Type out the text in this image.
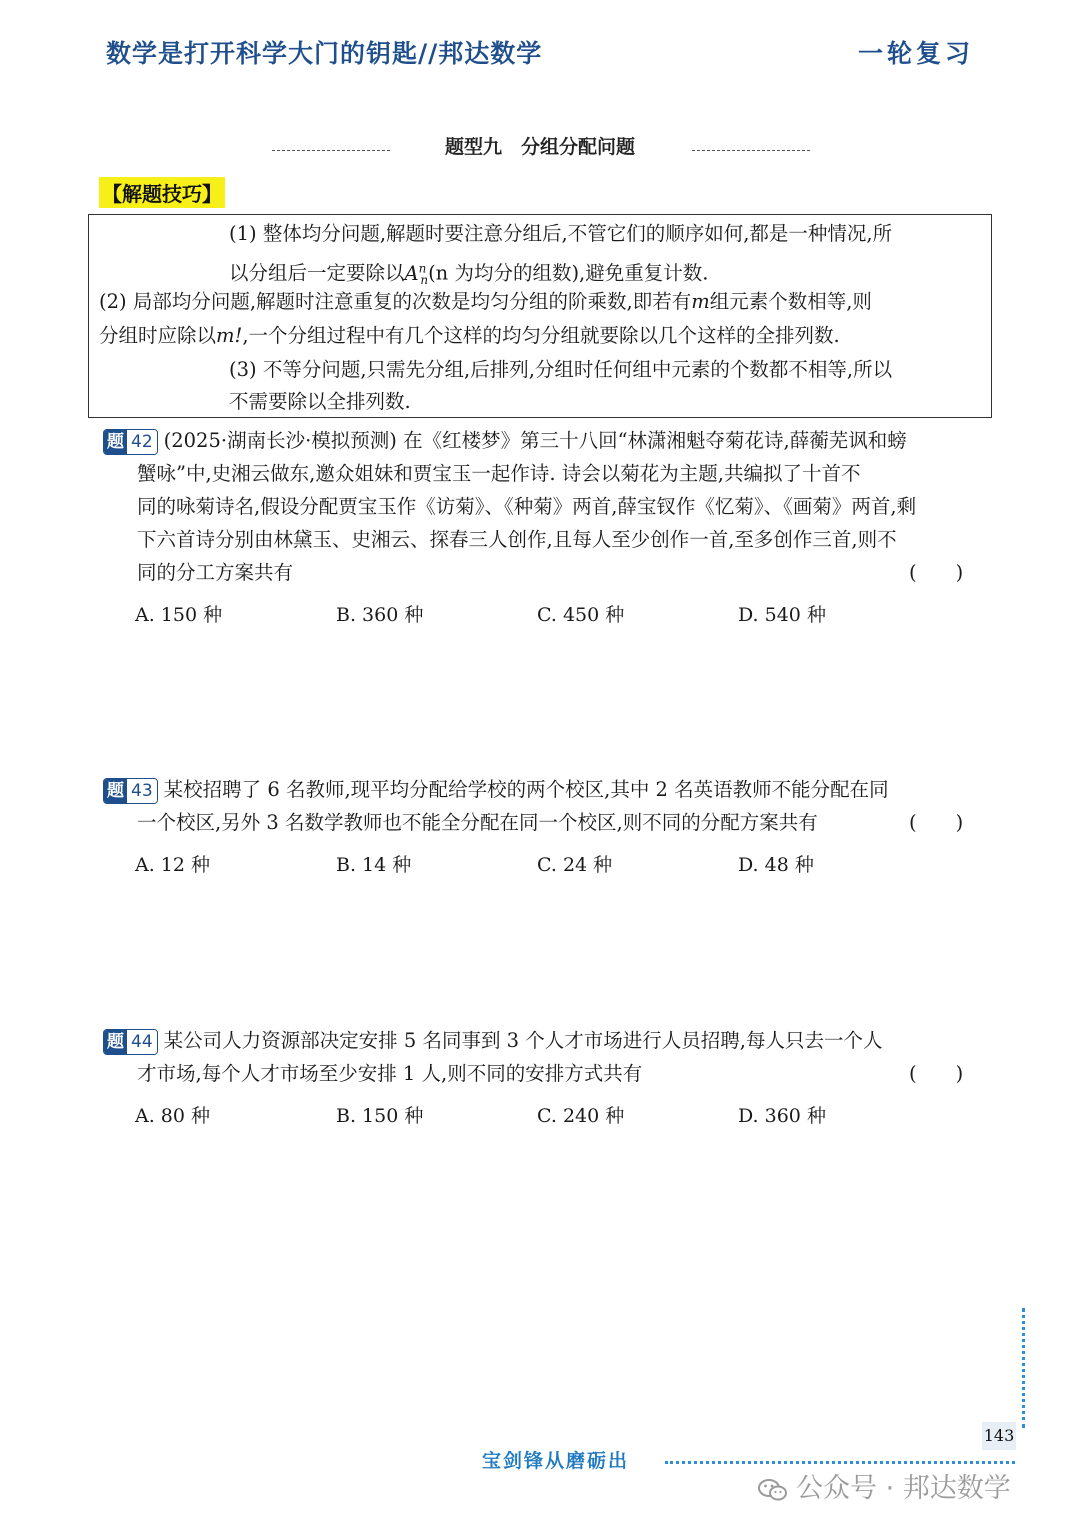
数学是打开科学大门的钥匙//邦达数学	一轮复习
题型九　分组分配问题
【解题技巧】
(1) 整体均分问题,解题时要注意分组后,不管它们的顺序如何,都是一种情况,所
以分组后一定要除以$A^n_n(n$ 为均分的组数),避免重复计数.
(2) 局部均分问题,解题时注意重复的次数是均匀分组的阶乘数,即若有m组元素个数相等,则
分组时应除以m!,一个分组过程中有几个这样的均匀分组就要除以几个这样的全排列数.
(3) 不等分问题,只需先分组,后排列,分组时任何组中元素的个数都不相等,所以
不需要除以全排列数.
题 42 (2025·湖南长沙·模拟预测) 在《红楼梦》第三十八回“林潇湘魁夺菊花诗,薛蘅芜讽和螃
蟹咏”中,史湘云做东,邀众姐妹和贾宝玉一起作诗. 诗会以菊花为主题,共编拟了十首不
同的咏菊诗名,假设分配贾宝玉作《访菊》、《种菊》两首,薛宝钗作《忆菊》、《画菊》两首,剩
下六首诗分别由林黛玉、史湘云、探春三人创作,且每人至少创作一首,至多创作三首,则不
同的分工方案共有	(　　)
A. 150 种	B. 360 种	C. 450 种	D. 540 种
题 43 某校招聘了 6 名教师,现平均分配给学校的两个校区,其中 2 名英语教师不能分配在同
一个校区,另外 3 名数学教师也不能全分配在同一个校区,则不同的分配方案共有	(　　)
A. 12 种	B. 14 种	C. 24 种	D. 48 种
题 44 某公司人力资源部决定安排 5 名同事到 3 个人才市场进行人员招聘,每人只去一个人
才市场,每个人才市场至少安排 1 人,则不同的安排方式共有	(　　)
A. 80 种	B. 150 种	C. 240 种	D. 360 种
143
宝剑锋从磨砺出
公众号 · 邦达数学
